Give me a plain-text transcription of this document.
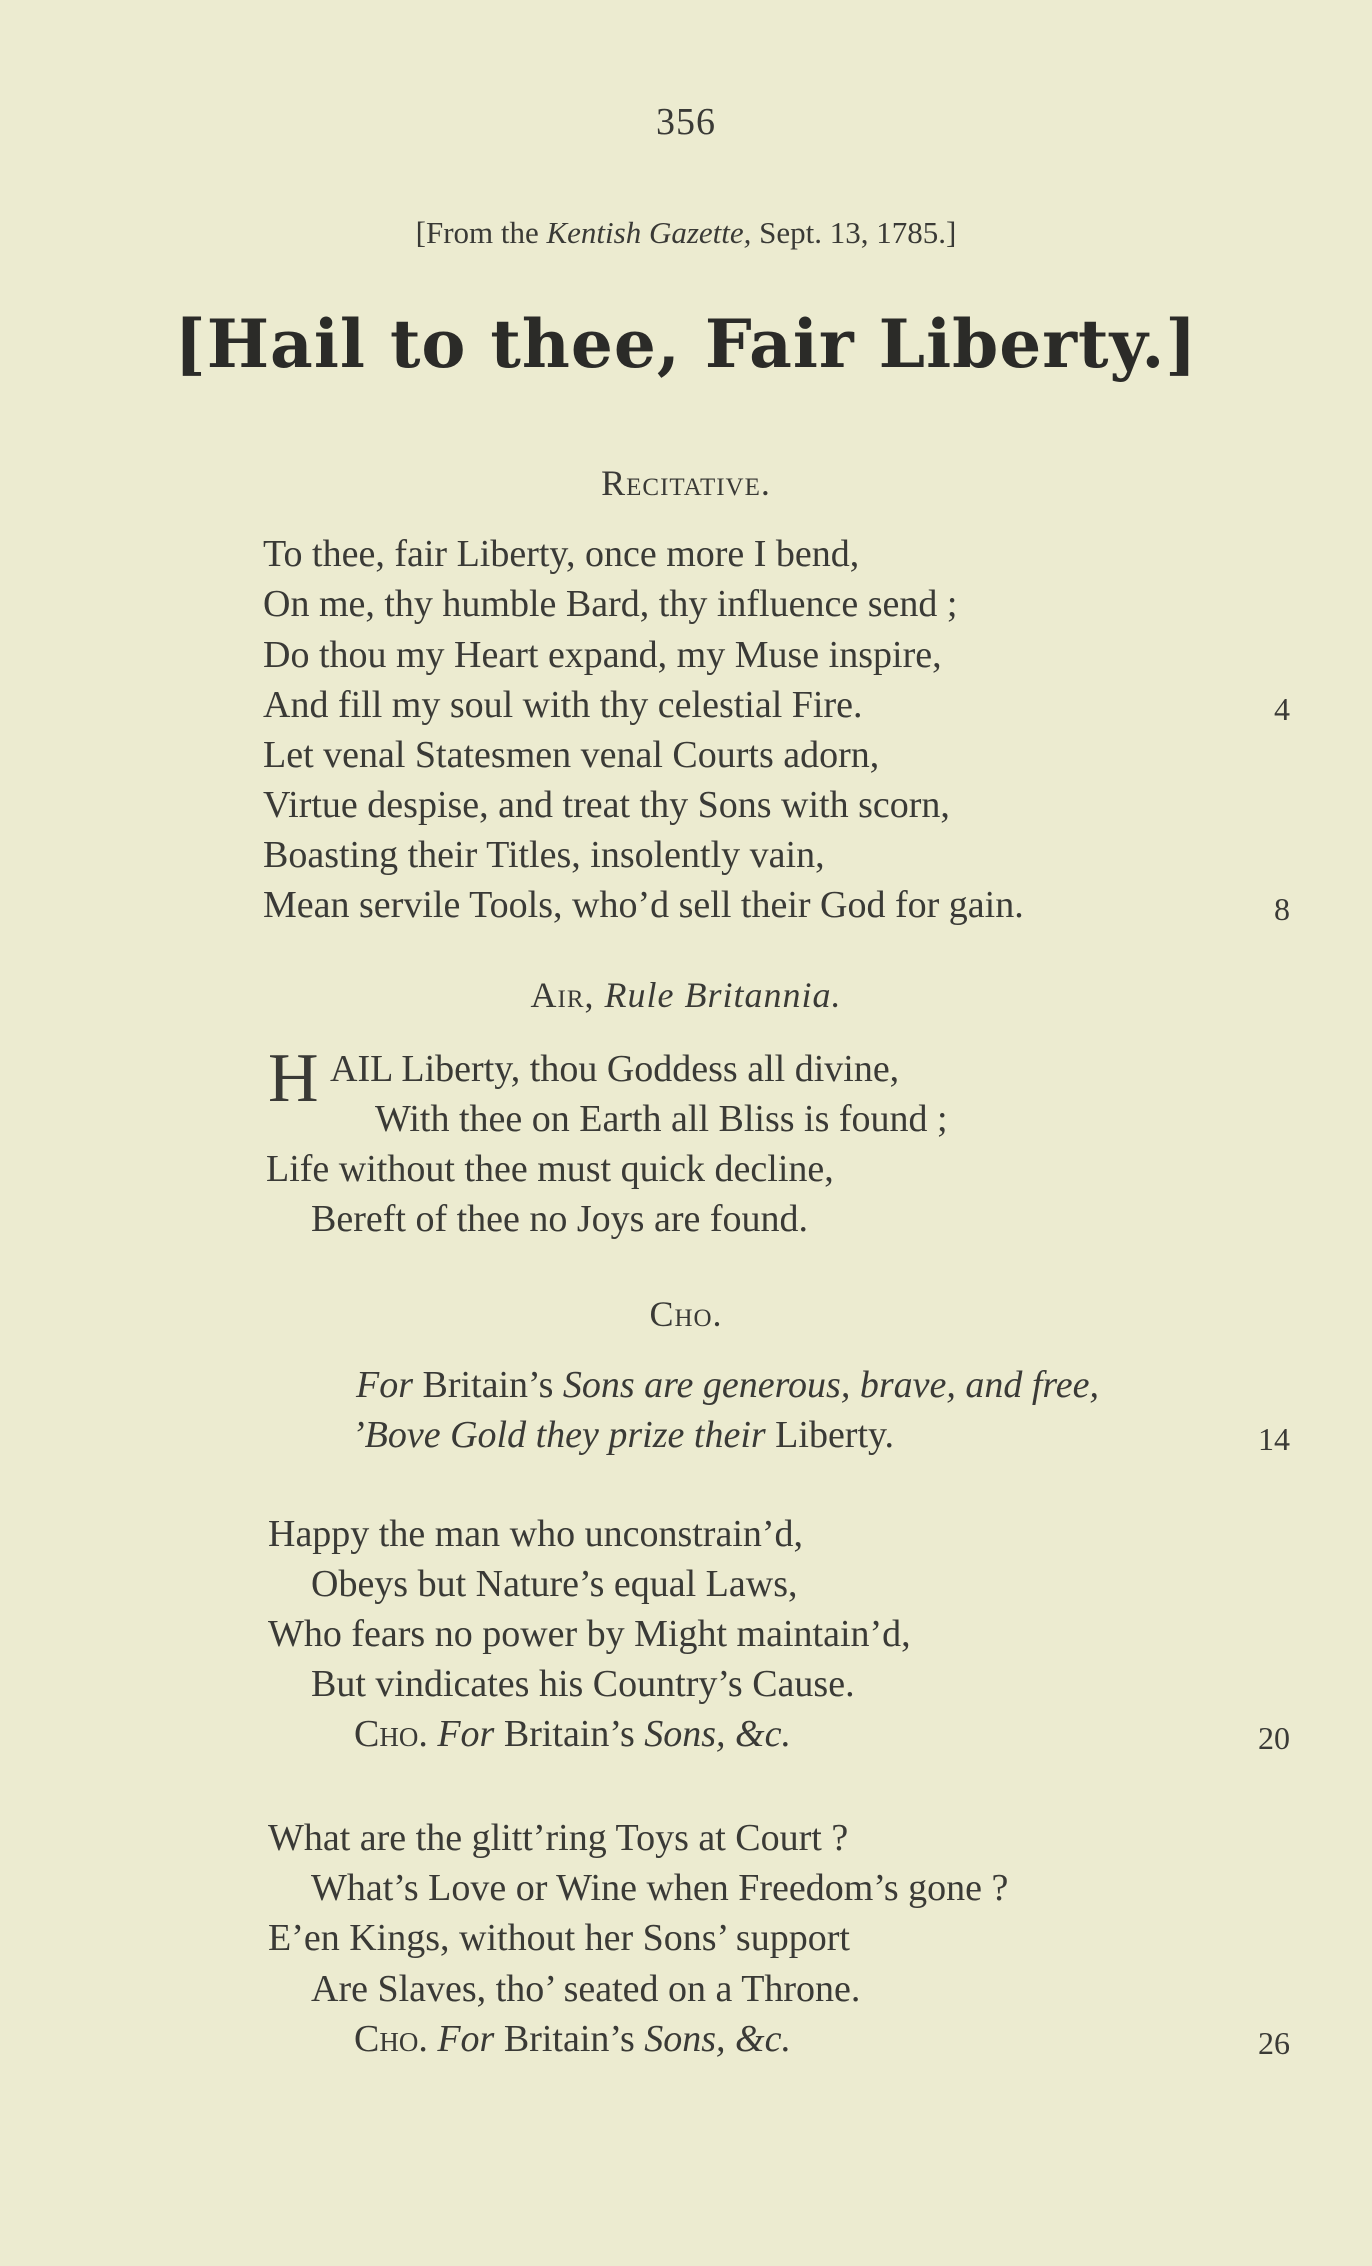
356
[From the Kentish Gazette, Sept. 13, 1785.]
[Hail to thee, Fair Liberty.]
Recitative.
To thee, fair Liberty, once more I bend,
On me, thy humble Bard, thy influence send ;
Do thou my Heart expand, my Muse inspire,
And fill my soul with thy celestial Fire.	4
Let venal Statesmen venal Courts adorn,
Virtue despise, and treat thy Sons with scorn,
Boasting their Titles, insolently vain,
Mean servile Tools, who’d sell their God for gain.	8
Air, Rule Britannia.
H AIL Liberty, thou Goddess all divine,
With thee on Earth all Bliss is found ;
Life without thee must quick decline,
Bereft of thee no Joys are found.
Cho.
For Britain’s Sons are generous, brave, and free,
’Bove Gold they prize their Liberty.	14
Happy the man who unconstrain’d,
Obeys but Nature’s equal Laws,
Who fears no power by Might maintain’d,
But vindicates his Country’s Cause.
Cho. For Britain’s Sons, &c.	20
What are the glitt’ring Toys at Court ?
What’s Love or Wine when Freedom’s gone ?
E’en Kings, without her Sons’ support
Are Slaves, tho’ seated on a Throne.
Cho. For Britain’s Sons, &c.	26
